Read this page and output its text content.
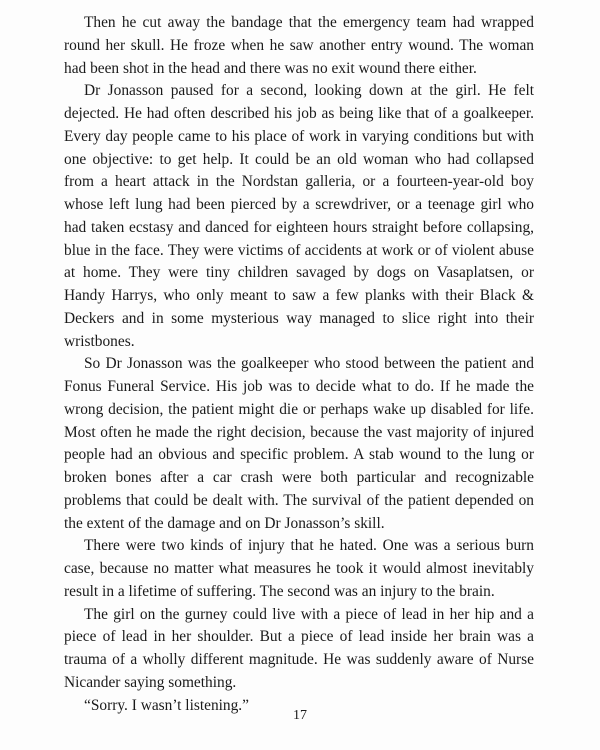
Then he cut away the bandage that the emergency team had wrapped round her skull. He froze when he saw another entry wound. The woman had been shot in the head and there was no exit wound there either.

Dr Jonasson paused for a second, looking down at the girl. He felt dejected. He had often described his job as being like that of a goalkeeper. Every day people came to his place of work in varying conditions but with one objective: to get help. It could be an old woman who had collapsed from a heart attack in the Nordstan galleria, or a fourteen-year-old boy whose left lung had been pierced by a screwdriver, or a teenage girl who had taken ecstasy and danced for eighteen hours straight before collapsing, blue in the face. They were victims of accidents at work or of violent abuse at home. They were tiny children savaged by dogs on Vasaplatsen, or Handy Harrys, who only meant to saw a few planks with their Black & Deckers and in some mysterious way managed to slice right into their wristbones.

So Dr Jonasson was the goalkeeper who stood between the patient and Fonus Funeral Service. His job was to decide what to do. If he made the wrong decision, the patient might die or perhaps wake up disabled for life. Most often he made the right decision, because the vast majority of injured people had an obvious and specific problem. A stab wound to the lung or broken bones after a car crash were both particular and recognizable problems that could be dealt with. The survival of the patient depended on the extent of the damage and on Dr Jonasson’s skill.

There were two kinds of injury that he hated. One was a serious burn case, because no matter what measures he took it would almost inevitably result in a lifetime of suffering. The second was an injury to the brain.

The girl on the gurney could live with a piece of lead in her hip and a piece of lead in her shoulder. But a piece of lead inside her brain was a trauma of a wholly different magnitude. He was suddenly aware of Nurse Nicander saying something.

“Sorry. I wasn’t listening.”

17
